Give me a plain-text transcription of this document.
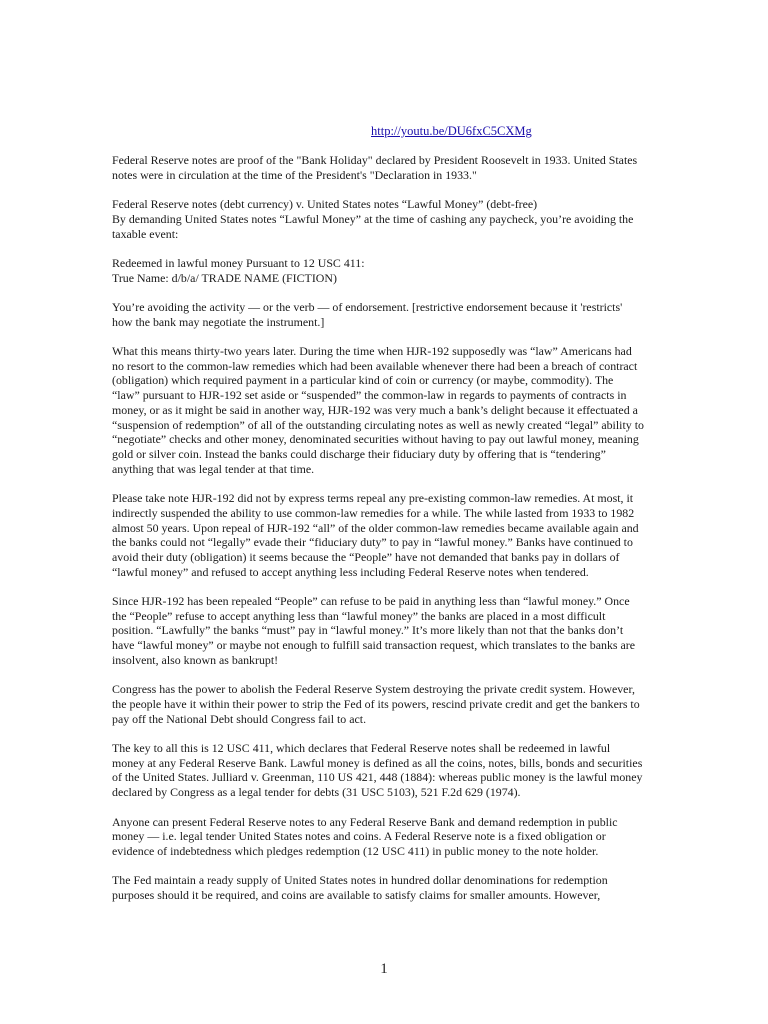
http://youtu.be/DU6fxC5CXMg

Federal Reserve notes are proof of the "Bank Holiday" declared by President Roosevelt in 1933. United States notes were in circulation at the time of the President's "Declaration in 1933."

Federal Reserve notes (debt currency) v. United States notes “Lawful Money” (debt-free)

By demanding United States notes “Lawful Money” at the time of cashing any paycheck, you’re avoiding the taxable event:

Redeemed in lawful money Pursuant to 12 USC 411:

True Name: d/b/a/ TRADE NAME (FICTION)

You’re avoiding the activity — or the verb — of endorsement. [restrictive endorsement because it 'restricts' how the bank may negotiate the instrument.]

What this means thirty-two years later. During the time when HJR-192 supposedly was “law” Americans had no resort to the common-law remedies which had been available whenever there had been a breach of contract (obligation) which required payment in a particular kind of coin or currency (or maybe, commodity). The “law” pursuant to HJR-192 set aside or “suspended” the common-law in regards to payments of contracts in money, or as it might be said in another way, HJR-192 was very much a bank’s delight because it effectuated a “suspension of redemption” of all of the outstanding circulating notes as well as newly created “legal” ability to “negotiate” checks and other money, denominated securities without having to pay out lawful money, meaning gold or silver coin. Instead the banks could discharge their fiduciary duty by offering that is “tendering” anything that was legal tender at that time.

Please take note HJR-192 did not by express terms repeal any pre-existing common-law remedies. At most, it indirectly suspended the ability to use common-law remedies for a while. The while lasted from 1933 to 1982 almost 50 years. Upon repeal of HJR-192 “all” of the older common-law remedies became available again and the banks could not “legally” evade their “fiduciary duty” to pay in “lawful money.” Banks have continued to avoid their duty (obligation) it seems because the “People” have not demanded that banks pay in dollars of “lawful money” and refused to accept anything less including Federal Reserve notes when tendered.

Since HJR-192 has been repealed “People” can refuse to be paid in anything less than “lawful money.” Once the “People” refuse to accept anything less than “lawful money” the banks are placed in a most difficult position. “Lawfully” the banks “must” pay in “lawful money.” It’s more likely than not that the banks don’t have “lawful money” or maybe not enough to fulfill said transaction request, which translates to the banks are insolvent, also known as bankrupt!

Congress has the power to abolish the Federal Reserve System destroying the private credit system. However, the people have it within their power to strip the Fed of its powers, rescind private credit and get the bankers to pay off the National Debt should Congress fail to act.

The key to all this is 12 USC 411, which declares that Federal Reserve notes shall be redeemed in lawful money at any Federal Reserve Bank. Lawful money is defined as all the coins, notes, bills, bonds and securities of the United States. Julliard v. Greenman, 110 US 421, 448 (1884): whereas public money is the lawful money declared by Congress as a legal tender for debts (31 USC 5103), 521 F.2d 629 (1974).

Anyone can present Federal Reserve notes to any Federal Reserve Bank and demand redemption in public money — i.e. legal tender United States notes and coins. A Federal Reserve note is a fixed obligation or evidence of indebtedness which pledges redemption (12 USC 411) in public money to the note holder.

The Fed maintain a ready supply of United States notes in hundred dollar denominations for redemption purposes should it be required, and coins are available to satisfy claims for smaller amounts. However,

1
